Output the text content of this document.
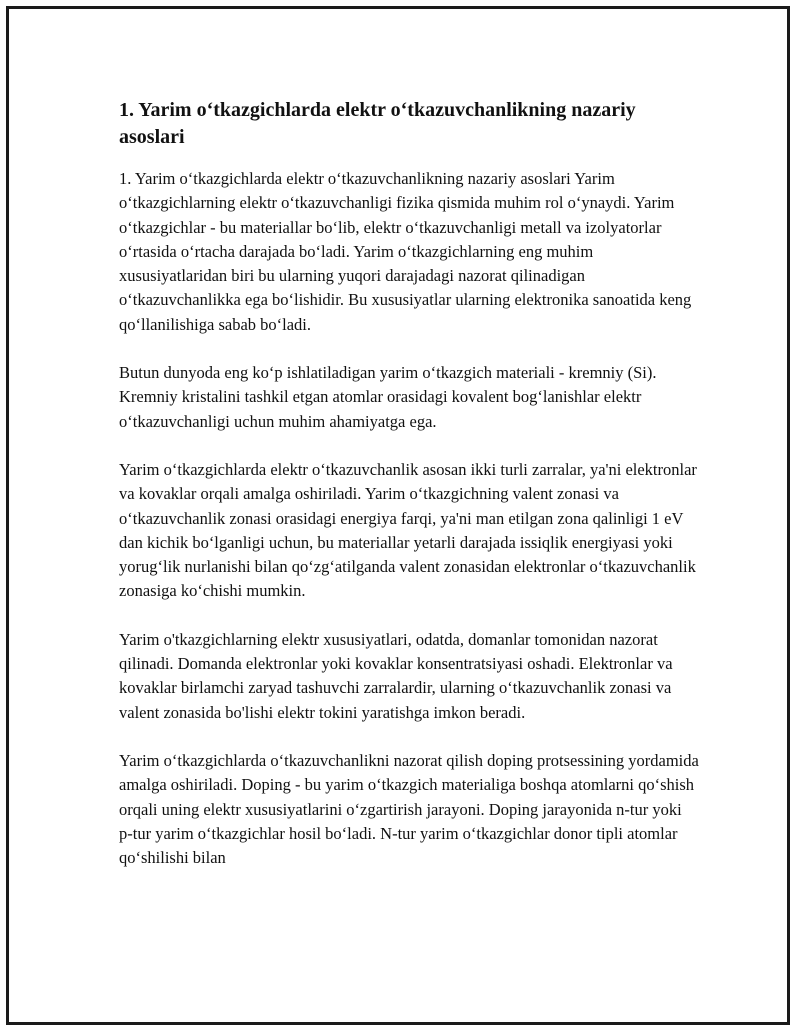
1. Yarim o‘tkazgichlarda elektr o‘tkazuvchanlikning nazariy asoslari

1. Yarim o‘tkazgichlarda elektr o‘tkazuvchanlikning nazariy asoslari Yarim o‘tkazgichlarning elektr o‘tkazuvchanligi fizika qismida muhim rol o‘ynaydi. Yarim o‘tkazgichlar - bu materiallar bo‘lib, elektr o‘tkazuvchanligi metall va izolyatorlar o‘rtasida o‘rtacha darajada bo‘ladi. Yarim o‘tkazgichlarning eng muhim xususiyatlaridan biri bu ularning yuqori darajadagi nazorat qilinadigan o‘tkazuvchanlikka ega bo‘lishidir. Bu xususiyatlar ularning elektronika sanoatida keng qo‘llanilishiga sabab bo‘ladi.

Butun dunyoda eng ko‘p ishlatiladigan yarim o‘tkazgich materiali - kremniy (Si). Kremniy kristalini tashkil etgan atomlar orasidagi kovalent bog‘lanishlar elektr o‘tkazuvchanligi uchun muhim ahamiyatga ega.

Yarim o‘tkazgichlarda elektr o‘tkazuvchanlik asosan ikki turli zarralar, ya'ni elektronlar va kovaklar orqali amalga oshiriladi. Yarim o‘tkazgichning valent zonasi va o‘tkazuvchanlik zonasi orasidagi energiya farqi, ya'ni man etilgan zona qalinligi 1 eV dan kichik bo‘lganligi uchun, bu materiallar yetarli darajada issiqlik energiyasi yoki yorug‘lik nurlanishi bilan qo‘zg‘atilganda valent zonasidan elektronlar o‘tkazuvchanlik zonasiga ko‘chishi mumkin.

Yarim o'tkazgichlarning elektr xususiyatlari, odatda, domanlar tomonidan nazorat qilinadi. Domanda elektronlar yoki kovaklar konsentratsiyasi oshadi. Elektronlar va kovaklar birlamchi zaryad tashuvchi zarralardir, ularning o‘tkazuvchanlik zonasi va valent zonasida bo'lishi elektr tokini yaratishga imkon beradi.

Yarim o‘tkazgichlarda o‘tkazuvchanlikni nazorat qilish doping protsessining yordamida amalga oshiriladi. Doping - bu yarim o‘tkazgich materialiga boshqa atomlarni qo‘shish orqali uning elektr xususiyatlarini o‘zgartirish jarayoni. Doping jarayonida n-tur yoki p-tur yarim o‘tkazgichlar hosil bo‘ladi. N-tur yarim o‘tkazgichlar donor tipli atomlar qo‘shilishi bilan
